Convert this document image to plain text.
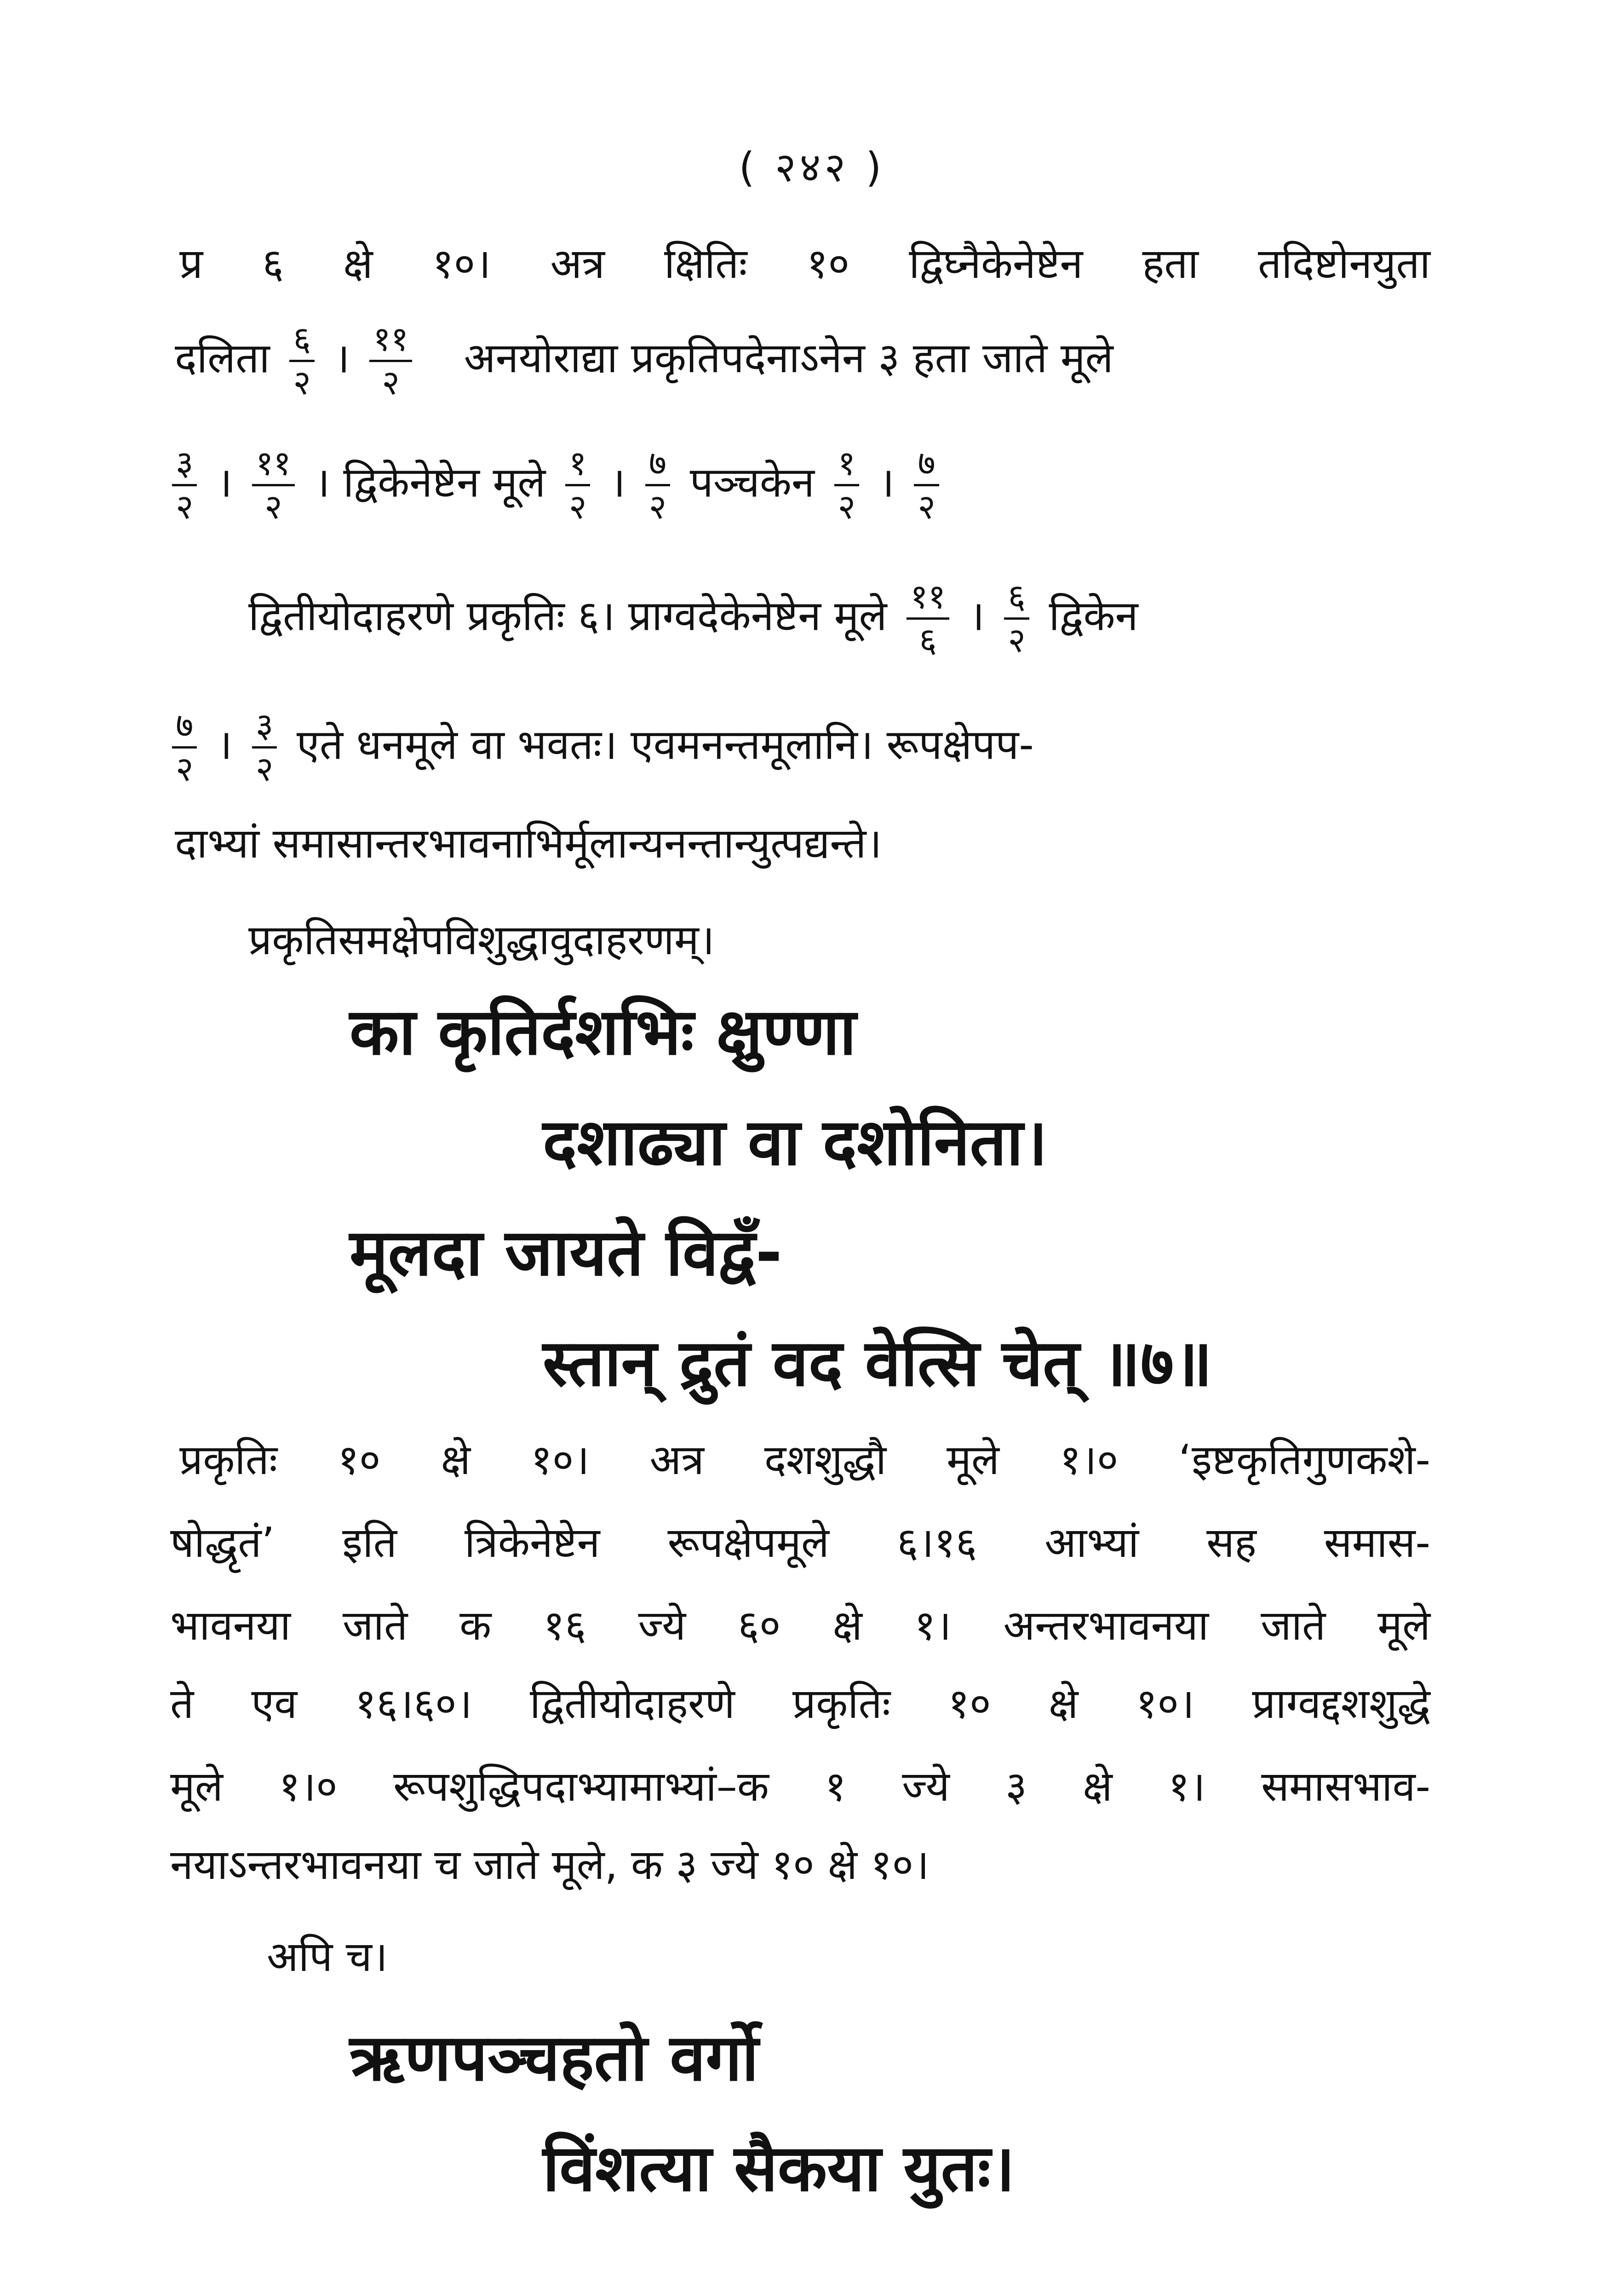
( २४२ )
प्र ६ क्षे १०। अत्र क्षितिः १० द्विघ्नैकेनेष्टेन हता तदिष्टोनयुता
दलिता $\frac{६}{२}$ । $\frac{११}{२}$ अनयोराद्या प्रकृतिपदेनाऽनेन ३ हता जाते मूले
$\frac{३}{२}$ । $\frac{११}{२}$ । द्विकेनेष्टेन मूले $\frac{१}{२}$ । $\frac{७}{२}$ पञ्चकेन $\frac{१}{२}$ । $\frac{७}{२}$
द्वितीयोदाहरणे प्रकृतिः ६। प्राग्वदेकेनेष्टेन मूले $\frac{११}{६}$ । $\frac{६}{२}$ द्विकेन
$\frac{७}{२}$ । $\frac{३}{२}$ एते धनमूले वा भवतः। एवमनन्तमूलानि। रूपक्षेपप-
दाभ्यां समासान्तरभावनाभिर्मूलान्यनन्तान्युत्पद्यन्ते।
प्रकृतिसमक्षेपविशुद्धावुदाहरणम्।
का कृतिर्दशभिः क्षुण्णा
दशाढ्या वा दशोनिता।
मूलदा जायते विद्वँ-
स्तान् द्रुतं वद वेत्सि चेत् ॥७॥
प्रकृतिः १० क्षे १०। अत्र दशशुद्धौ मूले १।० ‘इष्टकृतिगुणकशे-
षोद्धृतं’ इति त्रिकेनेष्टेन रूपक्षेपमूले ६।१६ आभ्यां सह समास-
भावनया जाते क १६ ज्ये ६० क्षे १। अन्तरभावनया जाते मूले
ते एव १६।६०। द्वितीयोदाहरणे प्रकृतिः १० क्षे १०। प्राग्वद्दशशुद्धे
मूले १।० रूपशुद्धिपदाभ्यामाभ्यां–क १ ज्ये ३ क्षे १। समासभाव-
नयाऽन्तरभावनया च जाते मूले, क ३ ज्ये १० क्षे १०।
अपि च।
ऋणपञ्चहतो वर्गो
विंशत्या सैकया युतः।
